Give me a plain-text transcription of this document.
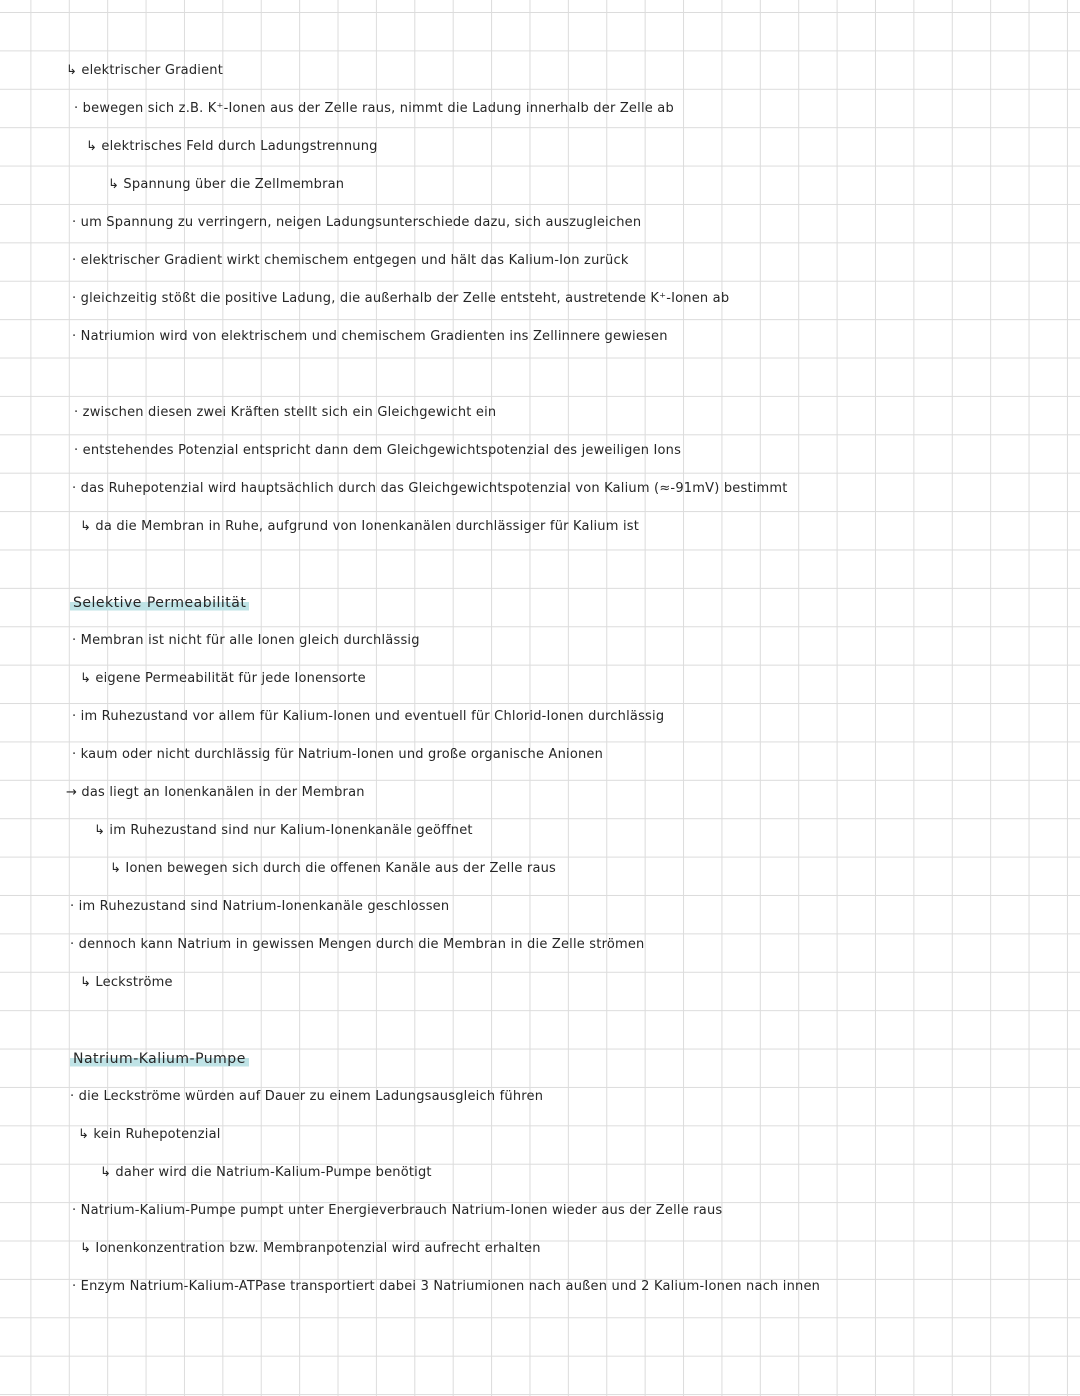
↳ elektrischer Gradient
· bewegen sich z.B. K⁺-Ionen aus der Zelle raus, nimmt die Ladung innerhalb der Zelle ab
↳ elektrisches Feld durch Ladungstrennung
↳ Spannung über die Zellmembran
· um Spannung zu verringern, neigen Ladungsunterschiede dazu, sich auszugleichen
· elektrischer Gradient wirkt chemischem entgegen und hält das Kalium-Ion zurück
· gleichzeitig stößt die positive Ladung, die außerhalb der Zelle entsteht, austretende K⁺-Ionen ab
· Natriumion wird von elektrischem und chemischem Gradienten ins Zellinnere gewiesen
· zwischen diesen zwei Kräften stellt sich ein Gleichgewicht ein
· entstehendes Potenzial entspricht dann dem Gleichgewichtspotenzial des jeweiligen Ions
· das Ruhepotenzial wird hauptsächlich durch das Gleichgewichtspotenzial von Kalium (≈-91mV) bestimmt
↳ da die Membran in Ruhe, aufgrund von Ionenkanälen durchlässiger für Kalium ist
Selektive Permeabilität
· Membran ist nicht für alle Ionen gleich durchlässig
↳ eigene Permeabilität für jede Ionensorte
· im Ruhezustand vor allem für Kalium-Ionen und eventuell für Chlorid-Ionen durchlässig
· kaum oder nicht durchlässig für Natrium-Ionen und große organische Anionen
→ das liegt an Ionenkanälen in der Membran
↳ im Ruhezustand sind nur Kalium-Ionenkanäle geöffnet
↳ Ionen bewegen sich durch die offenen Kanäle aus der Zelle raus
· im Ruhezustand sind Natrium-Ionenkanäle geschlossen
· dennoch kann Natrium in gewissen Mengen durch die Membran in die Zelle strömen
↳ Leckströme
Natrium-Kalium-Pumpe
· die Leckströme würden auf Dauer zu einem Ladungsausgleich führen
↳ kein Ruhepotenzial
↳ daher wird die Natrium-Kalium-Pumpe benötigt
· Natrium-Kalium-Pumpe pumpt unter Energieverbrauch Natrium-Ionen wieder aus der Zelle raus
↳ Ionenkonzentration bzw. Membranpotenzial wird aufrecht erhalten
· Enzym Natrium-Kalium-ATPase transportiert dabei 3 Natriumionen nach außen und 2 Kalium-Ionen nach innen
